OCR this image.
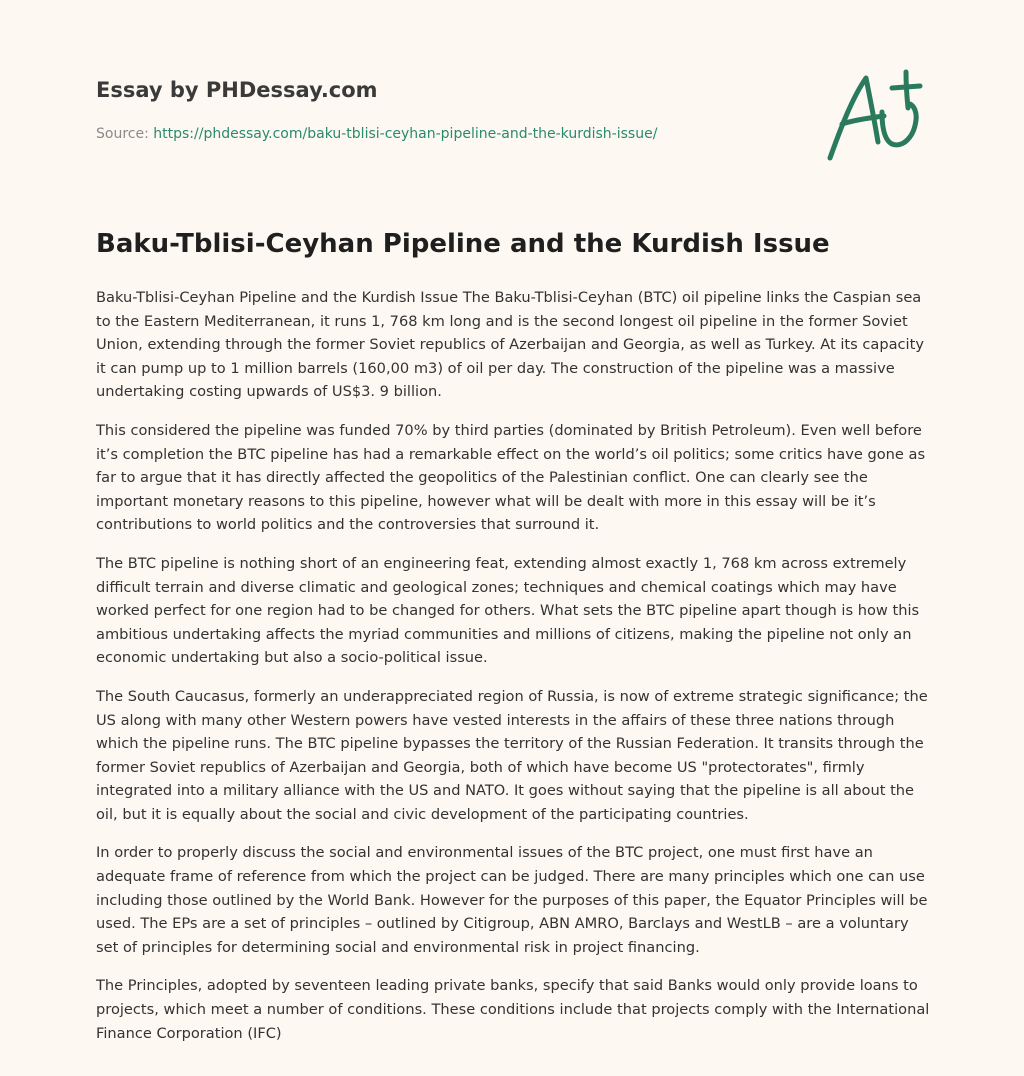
Essay by PHDessay.com
Source: https://phdessay.com/baku-tblisi-ceyhan-pipeline-and-the-kurdish-issue/
Baku-Tblisi-Ceyhan Pipeline and the Kurdish Issue

Baku-Tblisi-Ceyhan Pipeline and the Kurdish Issue The Baku-Tblisi-Ceyhan (BTC) oil pipeline links the Caspian sea to the Eastern Mediterranean, it runs 1, 768 km long and is the second longest oil pipeline in the former Soviet Union, extending through the former Soviet republics of Azerbaijan and Georgia, as well as Turkey. At its capacity it can pump up to 1 million barrels (160,00 m3) of oil per day. The construction of the pipeline was a massive undertaking costing upwards of US$3. 9 billion.

This considered the pipeline was funded 70% by third parties (dominated by British Petroleum). Even well before it’s completion the BTC pipeline has had a remarkable effect on the world’s oil politics; some critics have gone as far to argue that it has directly affected the geopolitics of the Palestinian conflict. One can clearly see the important monetary reasons to this pipeline, however what will be dealt with more in this essay will be it’s contributions to world politics and the controversies that surround it.

The BTC pipeline is nothing short of an engineering feat, extending almost exactly 1, 768 km across extremely difficult terrain and diverse climatic and geological zones; techniques and chemical coatings which may have worked perfect for one region had to be changed for others. What sets the BTC pipeline apart though is how this ambitious undertaking affects the myriad communities and millions of citizens, making the pipeline not only an economic undertaking but also a socio-political issue.

The South Caucasus, formerly an underappreciated region of Russia, is now of extreme strategic significance; the US along with many other Western powers have vested interests in the affairs of these three nations through which the pipeline runs. The BTC pipeline bypasses the territory of the Russian Federation. It transits through the former Soviet republics of Azerbaijan and Georgia, both of which have become US "protectorates", firmly integrated into a military alliance with the US and NATO. It goes without saying that the pipeline is all about the oil, but it is equally about the social and civic development of the participating countries.

In order to properly discuss the social and environmental issues of the BTC project, one must first have an adequate frame of reference from which the project can be judged. There are many principles which one can use including those outlined by the World Bank. However for the purposes of this paper, the Equator Principles will be used. The EPs are a set of principles – outlined by Citigroup, ABN AMRO, Barclays and WestLB – are a voluntary set of principles for determining social and environmental risk in project financing.

The Principles, adopted by seventeen leading private banks, specify that said Banks would only provide loans to projects, which meet a number of conditions. These conditions include that projects comply with the International Finance Corporation (IFC)
